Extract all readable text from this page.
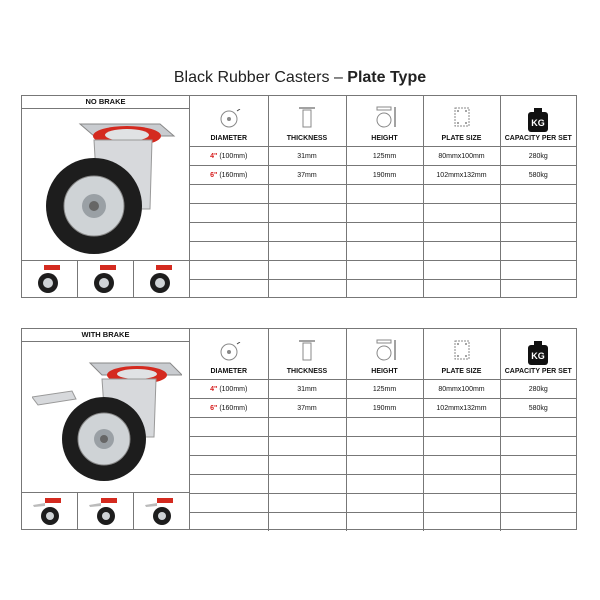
Black Rubber Casters – Plate Type
NO BRAKE
DIAMETER	THICKNESS	HEIGHT	PLATE SIZE	KG
CAPACITY PER SET

4" (100mm)	31mm	125mm	80mmx100mm	280kg
6" (160mm)	37mm	190mm	102mmx132mm	580kg

WITH BRAKE
DIAMETER	THICKNESS	HEIGHT	PLATE SIZE	KG
CAPACITY PER SET

4" (100mm)	31mm	125mm	80mmx100mm	280kg
6" (160mm)	37mm	190mm	102mmx132mm	580kg
